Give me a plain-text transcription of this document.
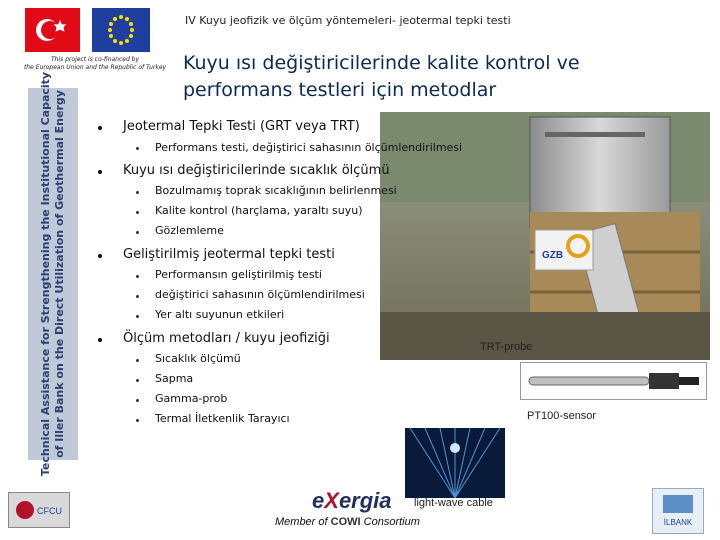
This project is co-financed by
the European Union and the Republic of Turkey
IV Kuyu jeofizik ve ölçüm yöntemeleri- jeotermal tepki testi
Kuyu ısı değiştiricilerinde kalite kontrol ve
performans testleri için metodlar
Technical Assistance for Strengthening the Institutional Capacity of Iller Bank on the Direct Utilization of Geothermal Energy	GZB
Jeotermal Tepki Testi (GRT veya TRT)
Performans testi, değiştirici sahasının ölçümlendirilmesi
Kuyu ısı değiştiricilerinde sıcaklık ölçümü
Bozulmamış toprak sıcaklığının belirlenmesi
Kalite kontrol (harçlama, yaraltı suyu)
Gözlemleme
Geliştirilmiş jeotermal tepki testi
Performansın geliştirilmiş testi
değiştirici sahasının ölçümlendirilmesi
Yer altı suyunun etkileri
Ölçüm metodları / kuyu jeofiziği
Sıcaklık ölçümü
Sapma
Gamma-prob
Termal İletkenlik Tarayıcı
TRT-probe
PT100-sensor
light-wave cable
eXergia
Member of COWI Consortium
CFCU
İLBANK
